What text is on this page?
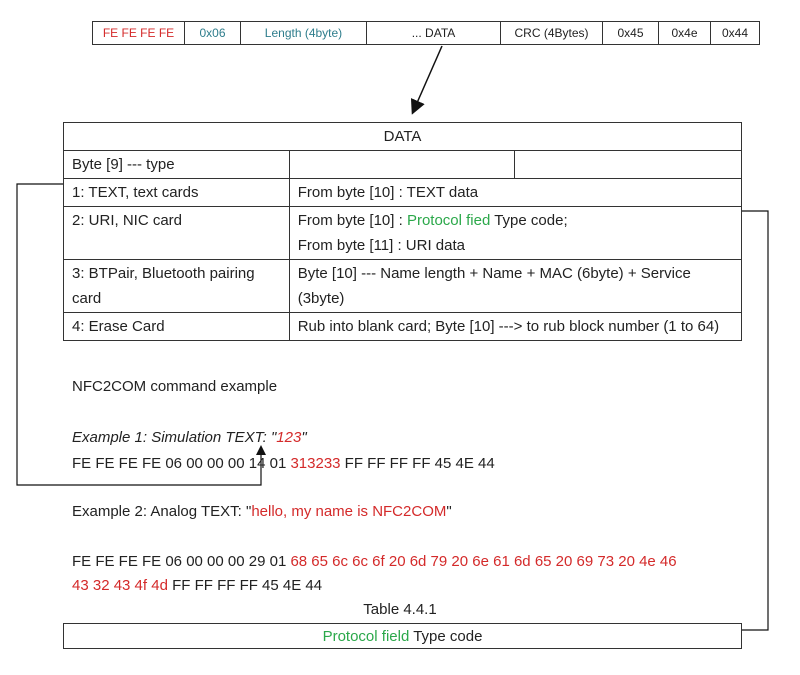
FE FE FE FE	0x06	Length (4byte)	... DATA	CRC (4Bytes)	0x45	0x4e	0x44
DATA		
Byte [9] --- type		
1: TEXT, text cards	From byte [10] : TEXT data	
2: URI, NIC card	From byte [10] : Protocol fied Type code;
From byte [11] : URI data	
3: BTPair, Bluetooth pairing card	Byte [10] --- Name length + Name + MAC (6byte) + Service (3byte)	
4: Erase Card	Rub into blank card; Byte [10] ---> to rub block number (1 to 64)	
NFC2COM command example
Example 1: Simulation TEXT: "123"
FE FE FE FE 06 00 00 00 14 01 313233 FF FF FF FF 45 4E 44
Example 2: Analog TEXT: "hello, my name is NFC2COM"
FE FE FE FE 06 00 00 00 29 01 68 65 6c 6c 6f 20 6d 79 20 6e 61 6d 65 20 69 73 20 4e 46
43 32 43 4f 4d FF FF FF FF 45 4E 44
Table 4.4.1
Protocol field Type code
